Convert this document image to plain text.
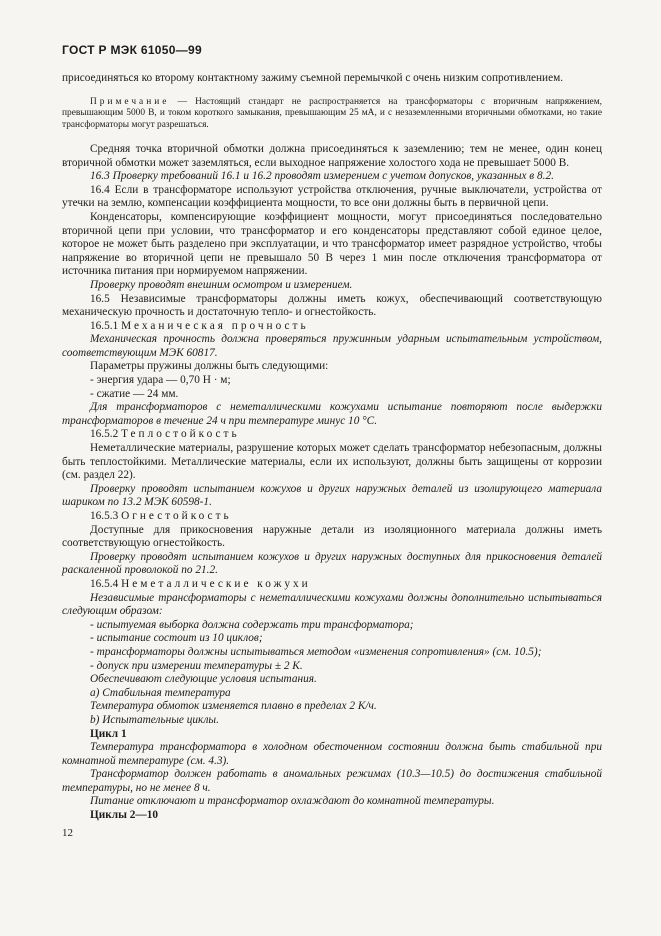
ГОСТ Р МЭК 61050—99

присоединяться ко второму контактному зажиму съемной перемычкой с очень низким сопротивлением.

Примечание — Настоящий стандарт не распространяется на трансформаторы с вторичным напряжением, превышающим 5000 В, и током короткого замыкания, превышающим 25 мА, и с незаземленными вторичными обмотками, но такие трансформаторы могут разрешаться.

Средняя точка вторичной обмотки должна присоединяться к заземлению; тем не менее, один конец вторичной обмотки может заземляться, если выходное напряжение холостого хода не превышает 5000 В.

16.3 Проверку требований 16.1 и 16.2 проводят измерением с учетом допусков, указанных в 8.2.

16.4 Если в трансформаторе используют устройства отключения, ручные выключатели, устройства от утечки на землю, компенсации коэффициента мощности, то все они должны быть в первичной цепи.

Конденсаторы, компенсирующие коэффициент мощности, могут присоединяться последовательно вторичной цепи при условии, что трансформатор и его конденсаторы представляют собой единое целое, которое не может быть разделено при эксплуатации, и что трансформатор имеет разрядное устройство, чтобы напряжение во вторичной цепи не превышало 50 В через 1 мин после отключения трансформатора от источника питания при нормируемом напряжении.

Проверку проводят внешним осмотром и измерением.

16.5 Независимые трансформаторы должны иметь кожух, обеспечивающий соответствующую механическую прочность и достаточную тепло- и огнестойкость.

16.5.1 Механическая прочность

Механическая прочность должна проверяться пружинным ударным испытательным устройством, соответствующим МЭК 60817.

Параметры пружины должны быть следующими:

- энергия удара — 0,70 Н · м;

- сжатие — 24 мм.

Для трансформаторов с неметаллическими кожухами испытание повторяют после выдержки трансформаторов в течение 24 ч при температуре минус 10 °С.

16.5.2 Теплостойкость

Неметаллические материалы, разрушение которых может сделать трансформатор небезопасным, должны быть теплостойкими. Металлические материалы, если их используют, должны быть защищены от коррозии (см. раздел 22).

Проверку проводят испытанием кожухов и других наружных деталей из изолирующего материала шариком по 13.2 МЭК 60598-1.

16.5.3 Огнестойкость

Доступные для прикосновения наружные детали из изоляционного материала должны иметь соответствующую огнестойкость.

Проверку проводят испытанием кожухов и других наружных доступных для прикосновения деталей раскаленной проволокой по 21.2.

16.5.4 Неметаллические кожухи

Независимые трансформаторы с неметаллическими кожухами должны дополнительно испытываться следующим образом:

- испытуемая выборка должна содержать три трансформатора;

- испытание состоит из 10 циклов;

- трансформаторы должны испытываться методом «изменения сопротивления» (см. 10.5);

- допуск при измерении температуры ± 2 К.

Обеспечивают следующие условия испытания.

а) Стабильная температура

Температура обмоток изменяется плавно в пределах 2 К/ч.

b) Испытательные циклы.

Цикл 1

Температура трансформатора в холодном обесточенном состоянии должна быть стабильной при комнатной температуре (см. 4.3).

Трансформатор должен работать в аномальных режимах (10.3—10.5) до достижения стабильной температуры, но не менее 8 ч.

Питание отключают и трансформатор охлаждают до комнатной температуры.

Циклы 2—10

12
